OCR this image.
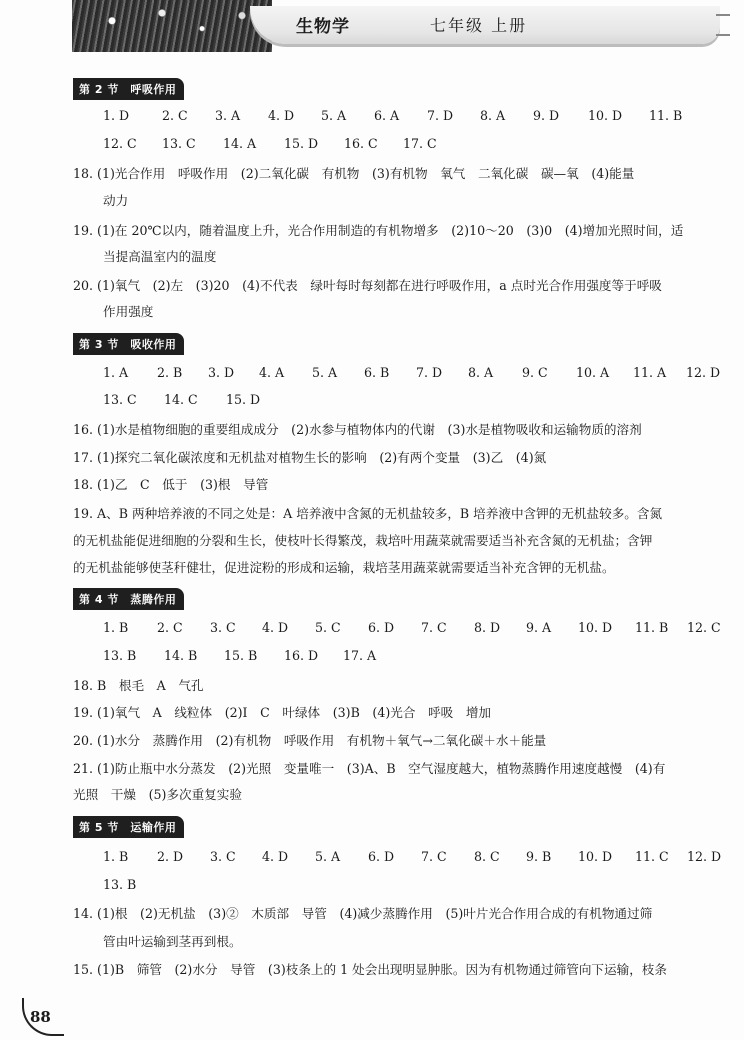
生物学	七年级 上册
第 2 节　呼吸作用
1. D	2. C 3. A 4. D 5. A 6. A 7. D 8. A 9. D 10. D 11. B
12. C 13. C 14. A 15. D 16. C 17. C
18. (1)光合作用　呼吸作用　(2)二氧化碳　有机物　(3)有机物　氧气　二氧化碳　碳—氧　(4)能量
动力
19. (1)在 20℃以内，随着温度上升，光合作用制造的有机物增多　(2)10～20　(3)0　(4)增加光照时间，适
当提高温室内的温度
20. (1)氧气　(2)左　(3)20　(4)不代表　绿叶每时每刻都在进行呼吸作用，a 点时光合作用强度等于呼吸
作用强度
第 3 节　吸收作用
1. A 2. B 3. D 4. A 5. A 6. B 7. D 8. A 9. C 10. A 11. A 12. D
13. C 14. C 15. D
16. (1)水是植物细胞的重要组成成分　(2)水参与植物体内的代谢　(3)水是植物吸收和运输物质的溶剂
17. (1)探究二氧化碳浓度和无机盐对植物生长的影响　(2)有两个变量　(3)乙　(4)氮
18. (1)乙　C　低于　(3)根　导管
19. A、B 两种培养液的不同之处是：A 培养液中含氮的无机盐较多，B 培养液中含钾的无机盐较多。含氮
的无机盐能促进细胞的分裂和生长，使枝叶长得繁茂，栽培叶用蔬菜就需要适当补充含氮的无机盐；含钾
的无机盐能够使茎秆健壮，促进淀粉的形成和运输，栽培茎用蔬菜就需要适当补充含钾的无机盐。
第 4 节　蒸腾作用
1. B 2. C 3. C 4. D 5. C 6. D 7. C 8. D 9. A 10. D 11. B 12. C
13. B 14. B 15. B 16. D 17. A
18. B　根毛　A　气孔
19. (1)氧气　A　线粒体　(2)Ⅰ　C　叶绿体　(3)B　(4)光合　呼吸　增加
20. (1)水分　蒸腾作用　(2)有机物　呼吸作用　有机物＋氧气→二氧化碳＋水＋能量
21. (1)防止瓶中水分蒸发　(2)光照　变量唯一　(3)A、B　空气湿度越大，植物蒸腾作用速度越慢　(4)有
光照　干燥　(5)多次重复实验
第 5 节　运输作用
1. B 2. D 3. C 4. D 5. A 6. D 7. C 8. C 9. B 10. D 11. C 12. D
13. B
14. (1)根　(2)无机盐　(3)②　木质部　导管　(4)减少蒸腾作用　(5)叶片光合作用合成的有机物通过筛
管由叶运输到茎再到根。
15. (1)B　筛管　(2)水分　导管　(3)枝条上的 1 处会出现明显肿胀。因为有机物通过筛管向下运输，枝条
88
